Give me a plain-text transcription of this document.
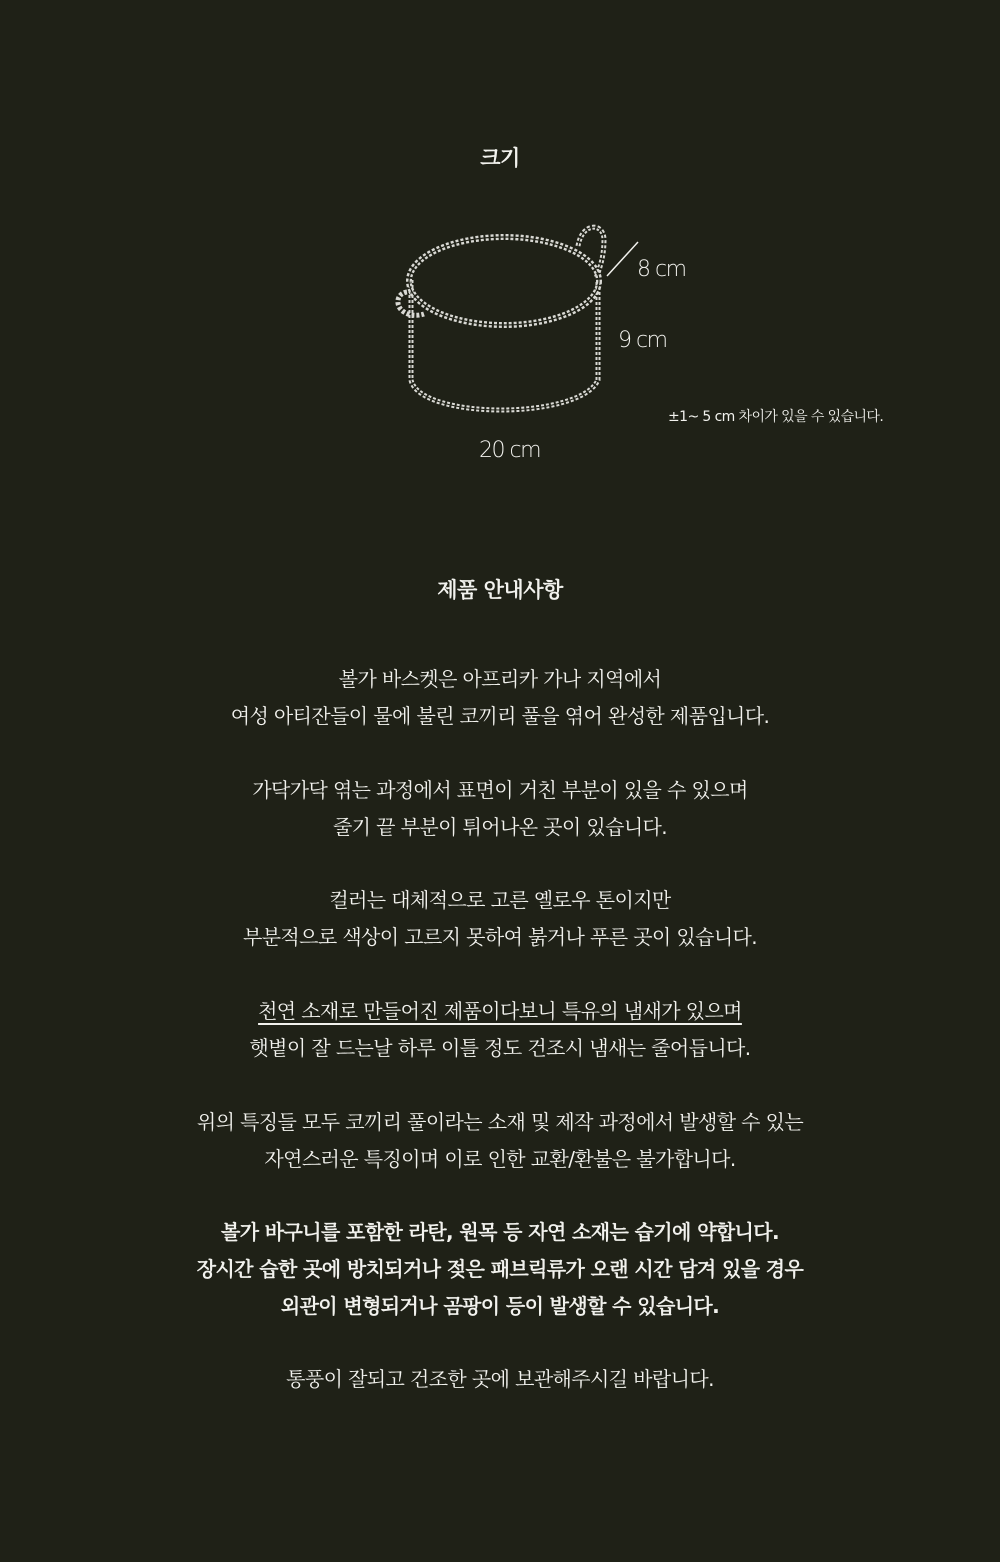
크기
8 cm
9 cm
20 cm
±1~ 5 cm 차이가 있을 수 있습니다.
제품 안내사항
볼가 바스켓은 아프리카 가나 지역에서
여성 아티잔들이 물에 불린 코끼리 풀을 엮어 완성한 제품입니다.
가닥가닥 엮는 과정에서 표면이 거친 부분이 있을 수 있으며
줄기 끝 부분이 튀어나온 곳이 있습니다.
컬러는 대체적으로 고른 옐로우 톤이지만
부분적으로 색상이 고르지 못하여 붉거나 푸른 곳이 있습니다.
천연 소재로 만들어진 제품이다보니 특유의 냄새가 있으며
햇볕이 잘 드는날 하루 이틀 정도 건조시 냄새는 줄어듭니다.
위의 특징들 모두 코끼리 풀이라는 소재 및 제작 과정에서 발생할 수 있는
자연스러운 특징이며 이로 인한 교환/환불은 불가합니다.
볼가 바구니를 포함한 라탄, 원목 등 자연 소재는 습기에 약합니다.
장시간 습한 곳에 방치되거나 젖은 패브릭류가 오랜 시간 담겨 있을 경우
외관이 변형되거나 곰팡이 등이 발생할 수 있습니다.
통풍이 잘되고 건조한 곳에 보관해주시길 바랍니다.
